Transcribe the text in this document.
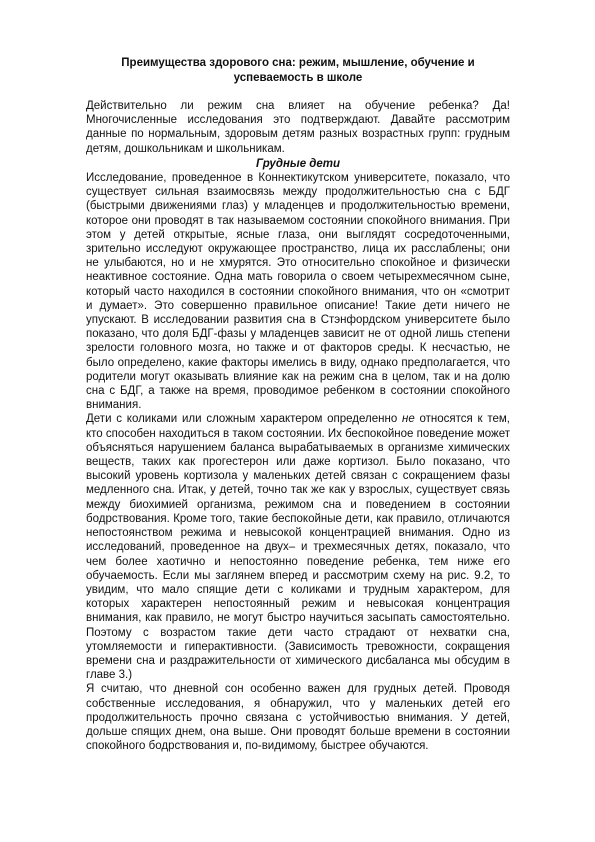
Преимущества здорового сна: режим, мышление, обучение и успеваемость в школе

Действительно ли режим сна влияет на обучение ребенка? Да! Многочисленные исследования это подтверждают. Давайте рассмотрим данные по нормальным, здоровым детям разных возрастных групп: грудным детям, дошкольникам и школьникам.

Грудные дети

Исследование, проведенное в Коннектикутском университете, показало, что существует сильная взаимосвязь между продолжительностью сна с БДГ (быстрыми движениями глаз) у младенцев и продолжительностью времени, которое они проводят в так называемом состоянии спокойного внимания. При этом у детей открытые, ясные глаза, они выглядят сосредоточенными, зрительно исследуют окружающее пространство, лица их расслаблены; они не улыбаются, но и не хмурятся. Это относительно спокойное и физически неактивное состояние. Одна мать говорила о своем четырехмесячном сыне, который часто находился в состоянии спокойного внимания, что он «смотрит и думает». Это совершенно правильное описание! Такие дети ничего не упускают. В исследовании развития сна в Стэнфордском университете было показано, что доля БДГ-фазы у младенцев зависит не от одной лишь степени зрелости головного мозга, но также и от факторов среды. К несчастью, не было определено, какие факторы имелись в виду, однако предполагается, что родители могут оказывать влияние как на режим сна в целом, так и на долю сна с БДГ, а также на время, проводимое ребенком в состоянии спокойного внимания.

Дети с коликами или сложным характером определенно не относятся к тем, кто способен находиться в таком состоянии. Их беспокойное поведение может объясняться нарушением баланса вырабатываемых в организме химических веществ, таких как прогестерон или даже кортизол. Было показано, что высокий уровень кортизола у маленьких детей связан с сокращением фазы медленного сна. Итак, у детей, точно так же как у взрослых, существует связь между биохимией организма, режимом сна и поведением в состоянии бодрствования. Кроме того, такие беспокойные дети, как правило, отличаются непостоянством режима и невысокой концентрацией внимания. Одно из исследований, проведенное на двух– и трехмесячных детях, показало, что чем более хаотично и непостоянно поведение ребенка, тем ниже его обучаемость. Если мы заглянем вперед и рассмотрим схему на рис. 9.2, то увидим, что мало спящие дети с коликами и трудным характером, для которых характерен непостоянный режим и невысокая концентрация внимания, как правило, не могут быстро научиться засыпать самостоятельно. Поэтому с возрастом такие дети часто страдают от нехватки сна, утомляемости и гиперактивности. (Зависимость тревожности, сокращения времени сна и раздражительности от химического дисбаланса мы обсудим в главе 3.)

Я считаю, что дневной сон особенно важен для грудных детей. Проводя собственные исследования, я обнаружил, что у маленьких детей его продолжительность прочно связана с устойчивостью внимания. У детей, дольше спящих днем, она выше. Они проводят больше времени в состоянии спокойного бодрствования и, по-видимому, быстрее обучаются.
